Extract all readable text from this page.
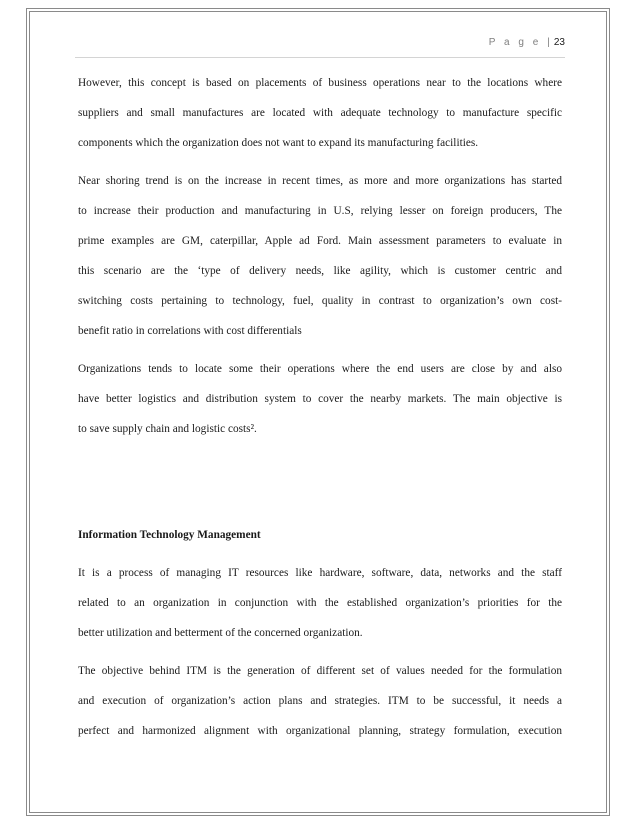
P a g e | 23
However, this concept is based on placements of business operations near to the locations where
suppliers and small manufactures are located with adequate technology to manufacture specific
components which the organization does not want to expand its manufacturing facilities.
Near shoring trend is on the increase in recent times, as more and more organizations has started
to increase their production and manufacturing in U.S, relying lesser on foreign producers, The
prime examples are GM, caterpillar, Apple ad Ford. Main assessment parameters to evaluate in
this scenario are the ‘type of delivery needs, like agility, which is customer centric and
switching costs pertaining to technology, fuel, quality in contrast to organization’s own cost-
benefit ratio in correlations with cost differentials
Organizations tends to locate some their operations where the end users are close by and also
have better logistics and distribution system to cover the nearby markets. The main objective is
to save supply chain and logistic costs².
Information Technology Management
It is a process of managing IT resources like hardware, software, data, networks and the staff
related to an organization in conjunction with the established organization’s priorities for the
better utilization and betterment of the concerned organization.
The objective behind ITM is the generation of different set of values needed for the formulation
and execution of organization’s action plans and strategies. ITM to be successful, it needs a
perfect and harmonized alignment with organizational planning, strategy formulation, execution
